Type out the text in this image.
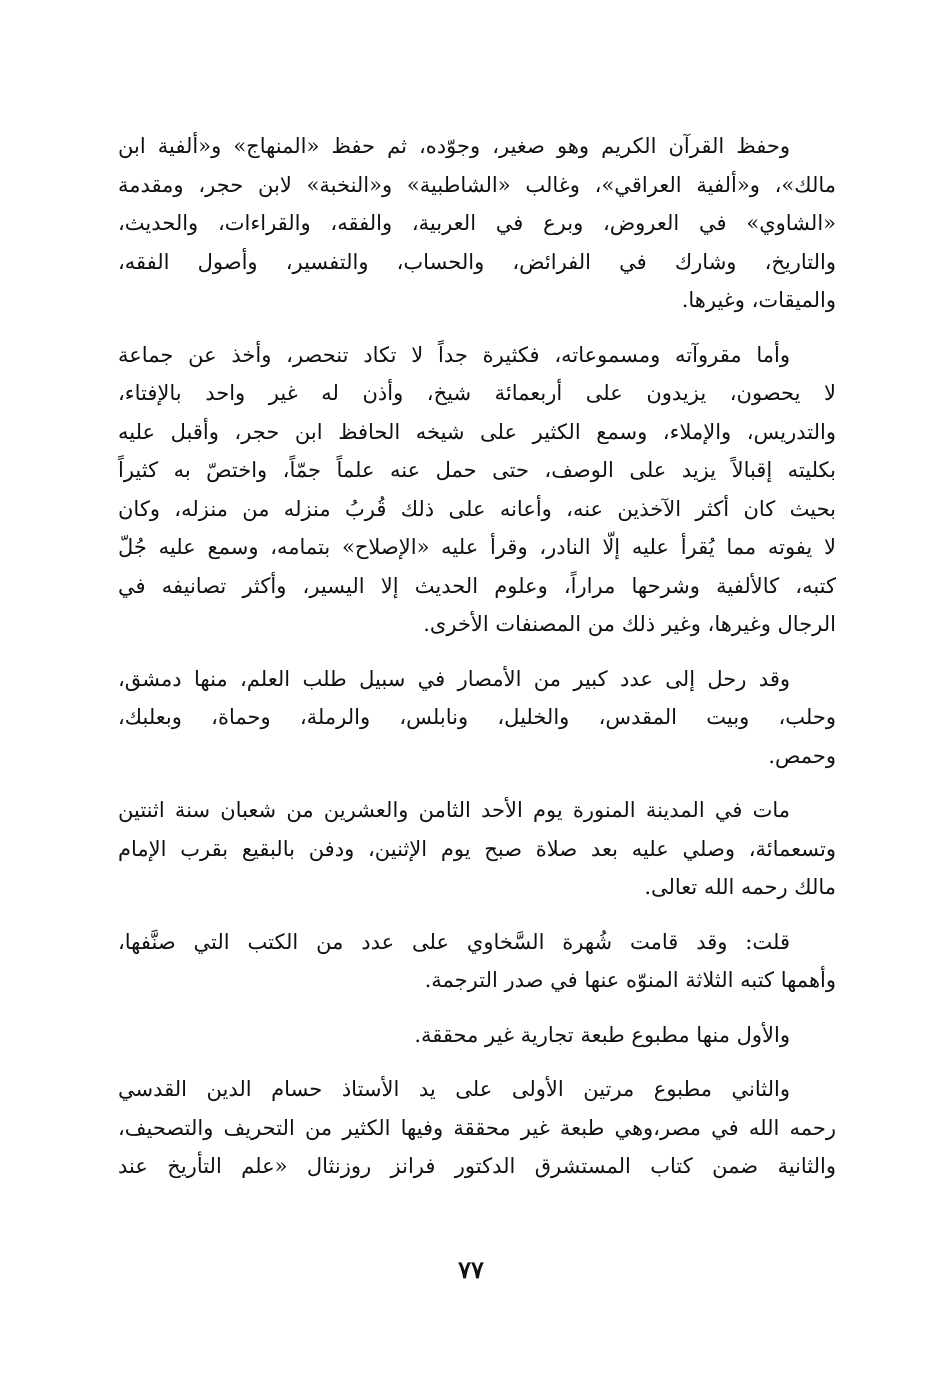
وحفظ القرآن الكريم وهو صغير، وجوّده، ثم حفظ «المنهاج» و«ألفية ابن
مالك»، و«ألفية العراقي»، وغالب «الشاطبية» و«النخبة» لابن حجر، ومقدمة
«الشاوي» في العروض، وبرع في العربية، والفقه، والقراءات، والحديث،
والتاريخ، وشارك في الفرائض، والحساب، والتفسير، وأصول الفقه،
والميقات، وغيرها.
وأما مقروآته ومسموعاته، فكثيرة جداً لا تكاد تنحصر، وأخذ عن جماعة
لا يحصون، يزيدون على أربعمائة شيخ، وأذن له غير واحد بالإفتاء،
والتدريس، والإملاء، وسمع الكثير على شيخه الحافظ ابن حجر، وأقبل عليه
بكليته إقبالاً يزيد على الوصف، حتى حمل عنه علماً جمّاً، واختصّ به كثيراً
بحيث كان أكثر الآخذين عنه، وأعانه على ذلك قُربُ منزله من منزله، وكان
لا يفوته مما يُقرأ عليه إلّا النادر، وقرأ عليه «الإصلاح» بتمامه، وسمع عليه جُلّ
كتبه، كالألفية وشرحها مراراً، وعلوم الحديث إلا اليسير، وأكثر تصانيفه في
الرجال وغيرها، وغير ذلك من المصنفات الأخرى.
وقد رحل إلى عدد كبير من الأمصار في سبيل طلب العلم، منها دمشق،
وحلب، وبيت المقدس، والخليل، ونابلس، والرملة، وحماة، وبعلبك،
وحمص.
مات في المدينة المنورة يوم الأحد الثامن والعشرين من شعبان سنة اثنتين
وتسعمائة، وصلي عليه بعد صلاة صبح يوم الإثنين، ودفن بالبقيع بقرب الإمام
مالك رحمه الله تعالى.
قلت: وقد قامت شُهرة السَّخاوي على عدد من الكتب التي صنَّفها،
وأهمها كتبه الثلاثة المنوّه عنها في صدر الترجمة.
والأول منها مطبوع طبعة تجارية غير محققة.
والثاني مطبوع مرتين الأولى على يد الأستاذ حسام الدين القدسي
رحمه الله في مصر،وهي طبعة غير محققة وفيها الكثير من التحريف والتصحيف،
والثانية ضمن كتاب المستشرق الدكتور فرانز روزنثال «علم التأريخ عند
٧٧
